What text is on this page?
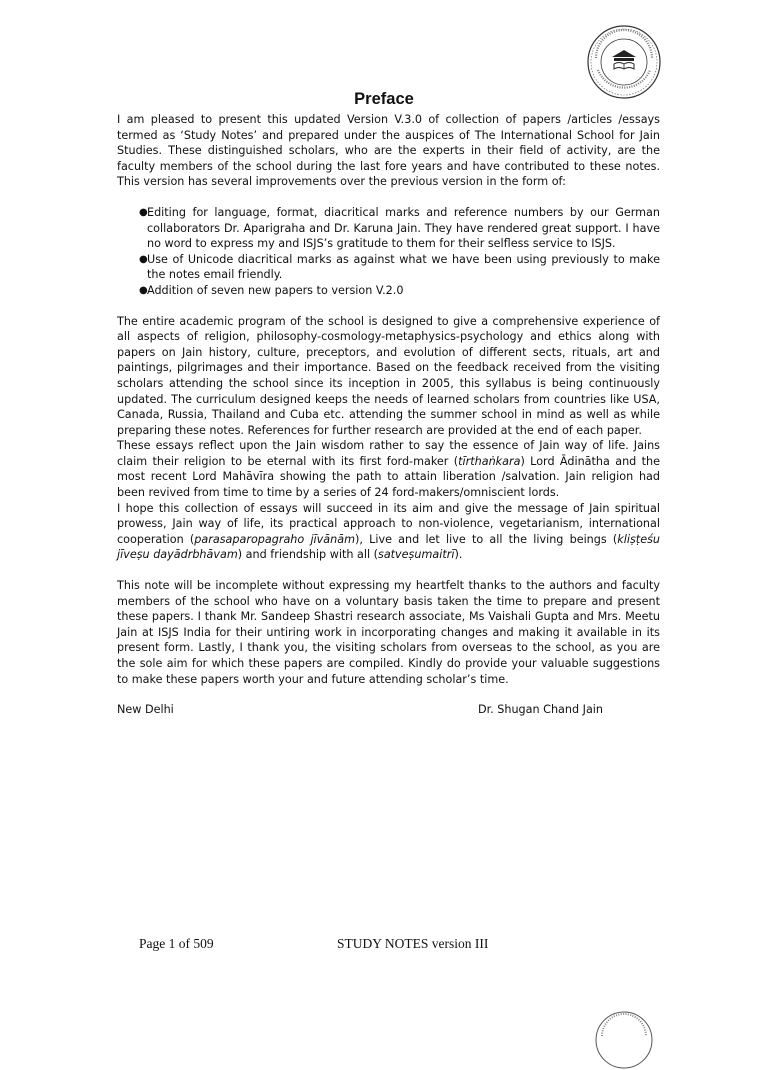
Preface

I am pleased to present this updated Version V.3.0 of collection of papers /articles /essays termed as ‘Study Notes’ and prepared under the auspices of The International School for Jain Studies. These distinguished scholars, who are the experts in their field of activity, are the faculty members of the school during the last fore years and have contributed to these notes. This version has several improvements over the previous version in the form of:

● Editing for language, format, diacritical marks and reference numbers by our German collaborators Dr. Aparigraha and Dr. Karuna Jain. They have rendered great support. I have no word to express my and ISJS’s gratitude to them for their selfless service to ISJS.
● Use of Unicode diacritical marks as against what we have been using previously to make the notes email friendly.
● Addition of seven new papers to version V.2.0

The entire academic program of the school is designed to give a comprehensive experience of all aspects of religion, philosophy-cosmology-metaphysics-psychology and ethics along with papers on Jain history, culture, preceptors, and evolution of different sects, rituals, art and paintings, pilgrimages and their importance. Based on the feedback received from the visiting scholars attending the school since its inception in 2005, this syllabus is being continuously updated. The curriculum designed keeps the needs of learned scholars from countries like USA, Canada, Russia, Thailand and Cuba etc. attending the summer school in mind as well as while preparing these notes. References for further research are provided at the end of each paper.

These essays reflect upon the Jain wisdom rather to say the essence of Jain way of life. Jains claim their religion to be eternal with its first ford-maker (tīrthaṅkara) Lord Ādinātha and the most recent Lord Mahāvīra showing the path to attain liberation /salvation. Jain religion had been revived from time to time by a series of 24 ford-makers/omniscient lords.

I hope this collection of essays will succeed in its aim and give the message of Jain spiritual prowess, Jain way of life, its practical approach to non-violence, vegetarianism, international cooperation (parasaparopagraho jīvānām), Live and let live to all the living beings (kliṣṭeśu jīveṣu dayādrbhāvam) and friendship with all (satveṣumaitrī).

This note will be incomplete without expressing my heartfelt thanks to the authors and faculty members of the school who have on a voluntary basis taken the time to prepare and present these papers. I thank Mr. Sandeep Shastri research associate, Ms Vaishali Gupta and Mrs. Meetu Jain at ISJS India for their untiring work in incorporating changes and making it available in its present form. Lastly, I thank you, the visiting scholars from overseas to the school, as you are the sole aim for which these papers are compiled. Kindly do provide your valuable suggestions to make these papers worth your and future attending scholar’s time.

New Delhi	Dr. Shugan Chand Jain
Page 1 of 509	STUDY NOTES version III
